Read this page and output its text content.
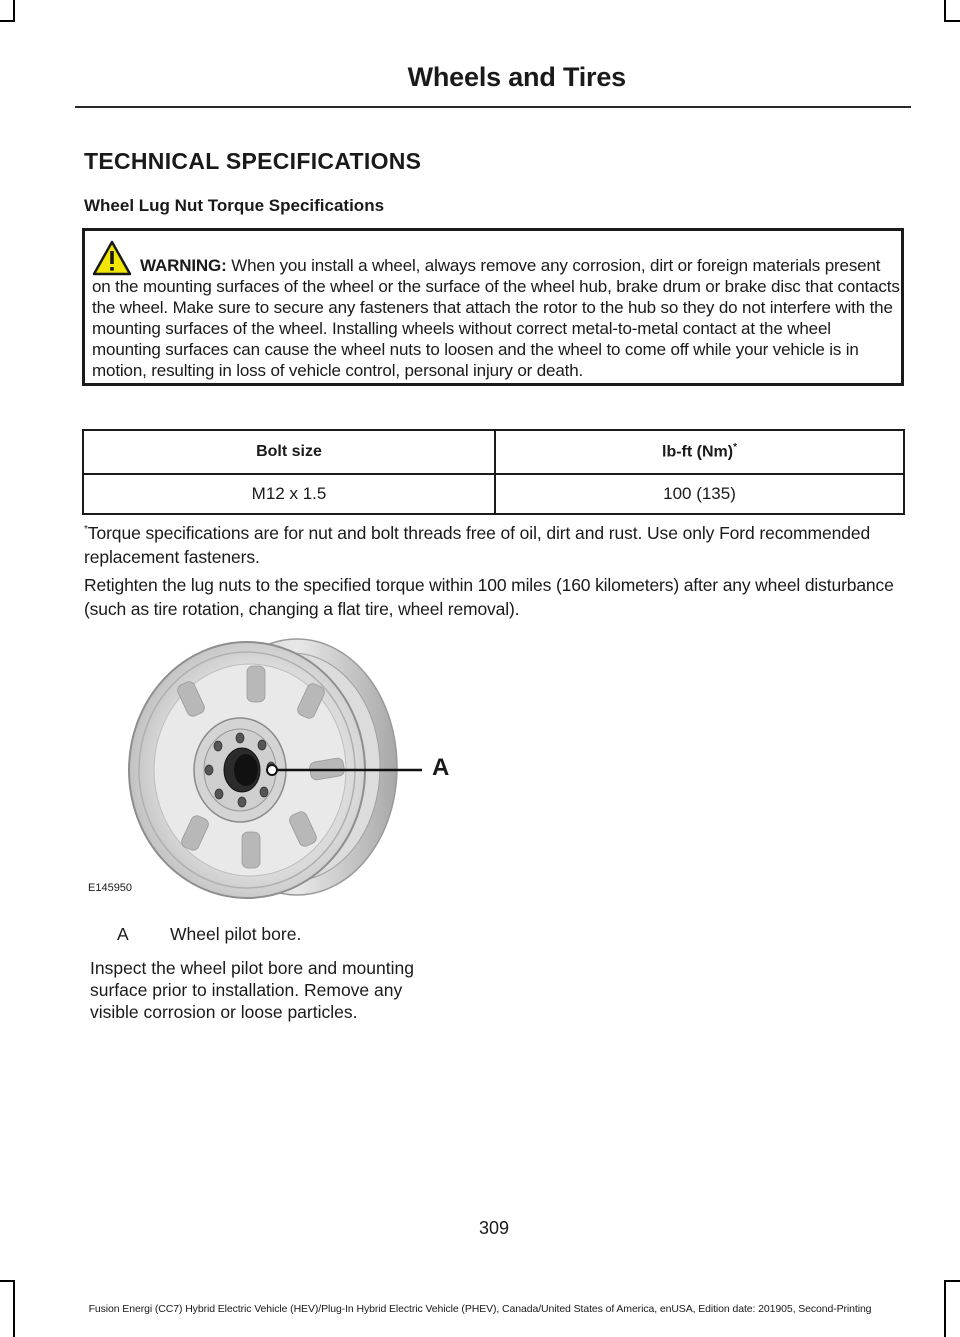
Wheels and Tires
TECHNICAL SPECIFICATIONS
Wheel Lug Nut Torque Specifications
WARNING: When you install a wheel, always remove any corrosion, dirt or foreign materials present on the mounting surfaces of the wheel or the surface of the wheel hub, brake drum or brake disc that contacts the wheel. Make sure to secure any fasteners that attach the rotor to the hub so they do not interfere with the mounting surfaces of the wheel. Installing wheels without correct metal-to-metal contact at the wheel mounting surfaces can cause the wheel nuts to loosen and the wheel to come off while your vehicle is in motion, resulting in loss of vehicle control, personal injury or death.
Bolt size	lb-ft (Nm)*
M12 x 1.5	100 (135)
*Torque specifications are for nut and bolt threads free of oil, dirt and rust. Use only Ford recommended replacement fasteners.
Retighten the lug nuts to the specified torque within 100 miles (160 kilometers) after any wheel disturbance (such as tire rotation, changing a flat tire, wheel removal).
A
E145950
A Wheel pilot bore.
Inspect the wheel pilot bore and mounting surface prior to installation. Remove any visible corrosion or loose particles.
309
Fusion Energi (CC7) Hybrid Electric Vehicle (HEV)/Plug-In Hybrid Electric Vehicle (PHEV), Canada/United States of America, enUSA, Edition date: 201905, Second-Printing
